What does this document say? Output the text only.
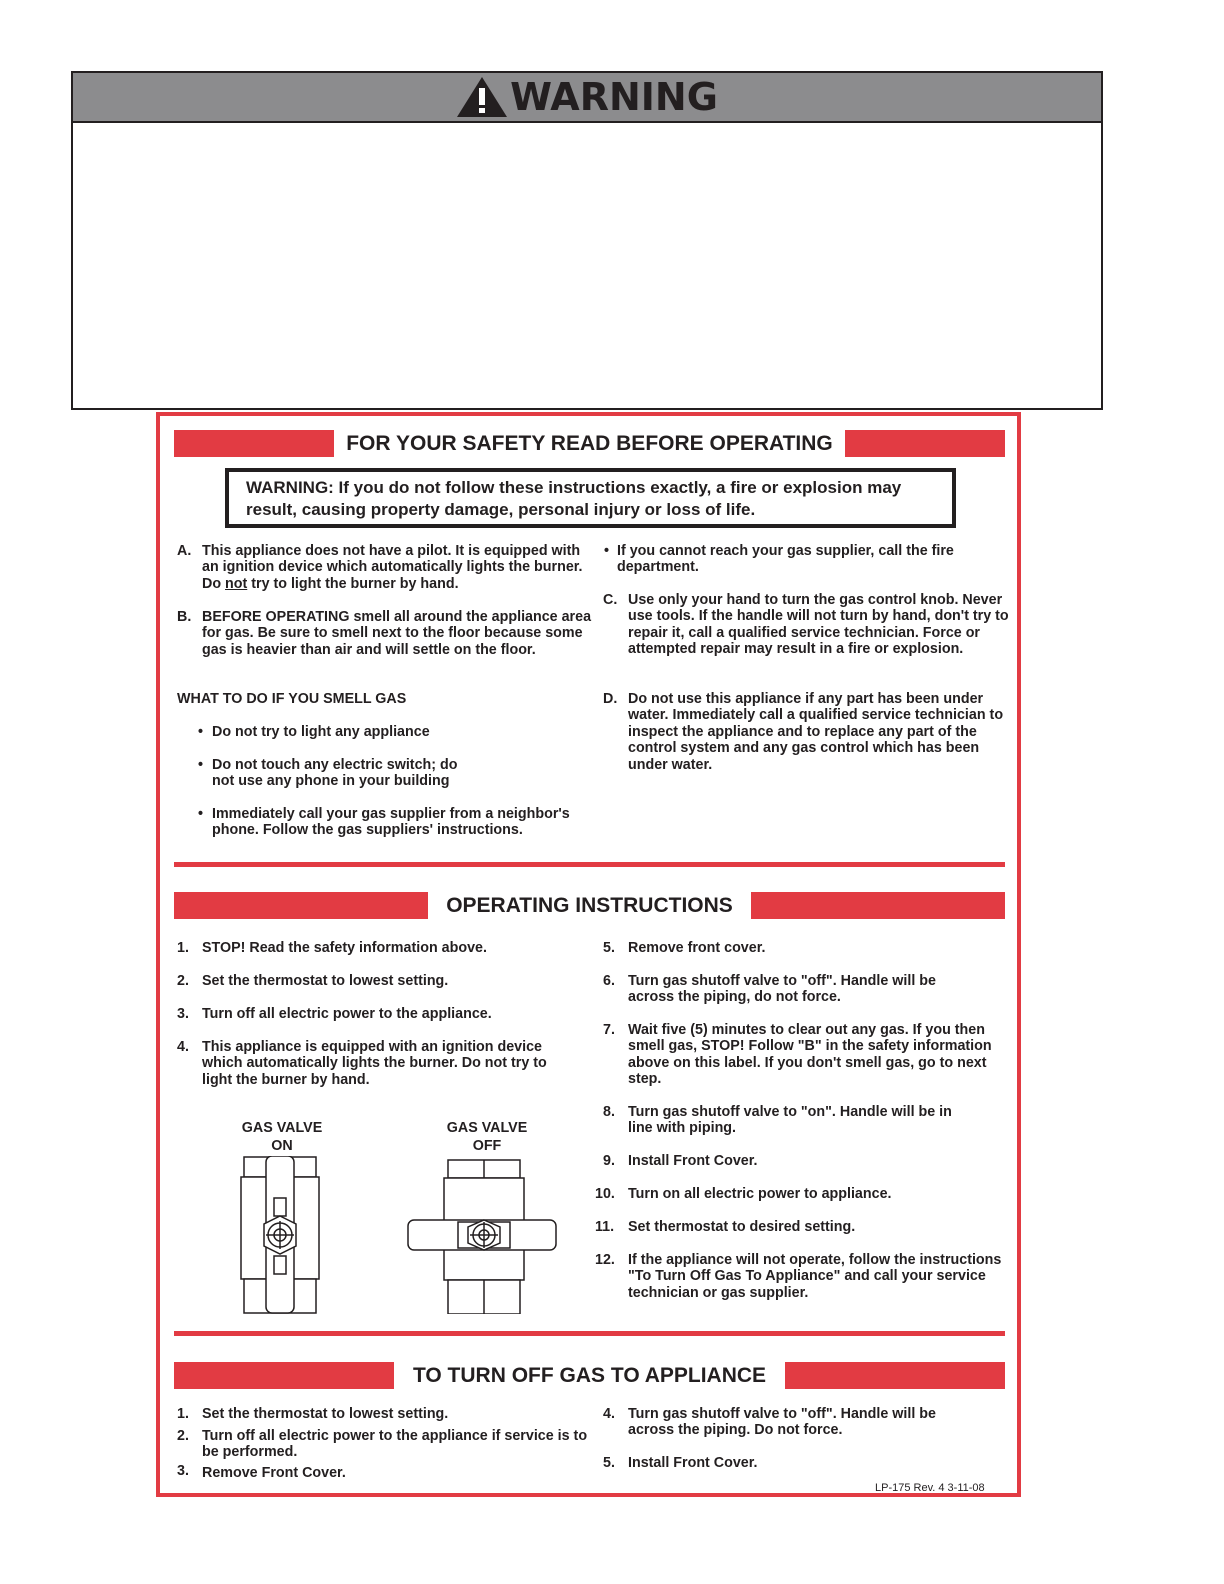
WARNING
FOR YOUR SAFETY READ BEFORE OPERATING
WARNING: If you do not follow these instructions exactly, a fire or explosion may result, causing property damage, personal injury or loss of life.
A. This appliance does not have a pilot. It is equipped with an ignition device which automatically lights the burner. Do not try to light the burner by hand.
B. BEFORE OPERATING smell all around the appliance area for gas. Be sure to smell next to the floor because some gas is heavier than air and will settle on the floor.
WHAT TO DO IF YOU SMELL GAS
• Do not try to light any appliance
• Do not touch any electric switch; do not use any phone in your building
• Immediately call your gas supplier from a neighbor's phone. Follow the gas suppliers' instructions.
• If you cannot reach your gas supplier, call the fire department.
C. Use only your hand to turn the gas control knob. Never use tools. If the handle will not turn by hand, don't try to repair it, call a qualified service technician. Force or attempted repair may result in a fire or explosion.
D. Do not use this appliance if any part has been under water. Immediately call a qualified service technician to inspect the appliance and to replace any part of the control system and any gas control which has been under water.
OPERATING INSTRUCTIONS
1. STOP! Read the safety information above.
2. Set the thermostat to lowest setting.
3. Turn off all electric power to the appliance.
4. This appliance is equipped with an ignition device which automatically lights the burner. Do not try to light the burner by hand.
GAS VALVE
ON
GAS VALVE
OFF
5. Remove front cover.
6. Turn gas shutoff valve to "off". Handle will be across the piping, do not force.
7. Wait five (5) minutes to clear out any gas. If you then smell gas, STOP! Follow "B" in the safety information above on this label. If you don't smell gas, go to next step.
8. Turn gas shutoff valve to "on". Handle will be in line with piping.
9. Install Front Cover.
10. Turn on all electric power to appliance.
11. Set thermostat to desired setting.
12. If the appliance will not operate, follow the instructions "To Turn Off Gas To Appliance" and call your service technician or gas supplier.
TO TURN OFF GAS TO APPLIANCE
1. Set the thermostat to lowest setting.
2. Turn off all electric power to the appliance if service is to be performed.
3. Remove Front Cover.
4. Turn gas shutoff valve to "off". Handle will be across the piping. Do not force.
5. Install Front Cover.
LP-175 Rev. 4 3-11-08
